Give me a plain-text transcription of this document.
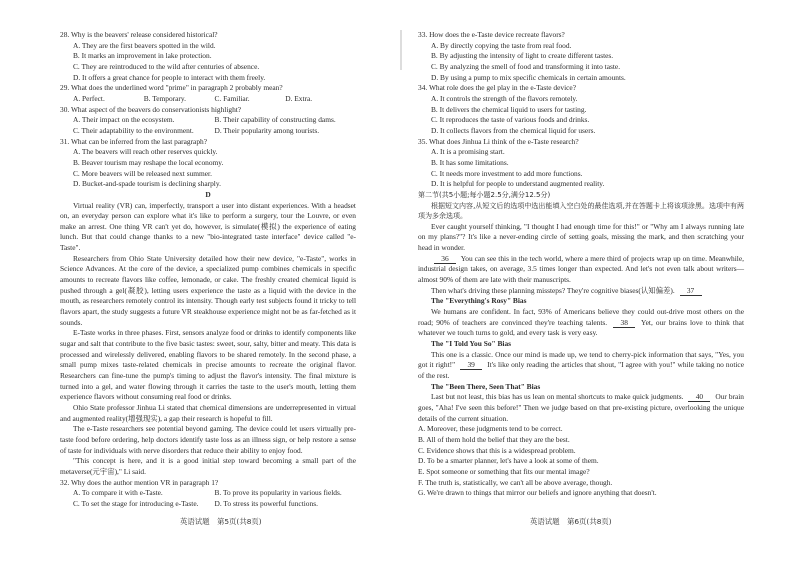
28. Why is the beavers' release considered historical?
A. They are the first beavers spotted in the wild.
B. It marks an improvement in lake protection.
C. They are reintroduced to the wild after centuries of absence.
D. It offers a great chance for people to interact with them freely.
29. What does the underlined word "prime" in paragraph 2 probably mean?
A. Perfect.	B. Temporary.	C. Familiar.	D. Extra.
30. What aspect of the beavers do conservationists highlight?
A. Their impact on the ecosystem.	B. Their capability of constructing dams.
C. Their adaptability to the environment.	D. Their popularity among tourists.
31. What can be inferred from the last paragraph?
A. The beavers will reach other reserves quickly.
B. Beaver tourism may reshape the local economy.
C. More beavers will be released next summer.
D. Bucket-and-spade tourism is declining sharply.
D
Virtual reality (VR) can, imperfectly, transport a user into distant experiences. With a headset on, an everyday person can explore what it's like to perform a surgery, tour the Louvre, or even make an arrest. One thing VR can't yet do, however, is simulate(模拟) the experience of eating lunch. But that could change thanks to a new "bio-integrated taste interface" device called "e-Taste".
Researchers from Ohio State University detailed how their new device, "e-Taste", works in Science Advances. At the core of the device, a specialized pump combines chemicals in specific amounts to recreate flavors like coffee, lemonade, or cake. The freshly created chemical liquid is pushed through a gel(凝胶), letting users experience the taste as a liquid with the device in the mouth, as researchers remotely control its intensity. Though early test subjects found it tricky to tell flavors apart, the study suggests a future VR steakhouse experience might not be as far-fetched as it sounds.
E-Taste works in three phases. First, sensors analyze food or drinks to identify components like sugar and salt that contribute to the five basic tastes: sweet, sour, salty, bitter and meaty. This data is processed and wirelessly delivered, enabling flavors to be shared remotely. In the second phase, a small pump mixes taste-related chemicals in precise amounts to recreate the original flavor. Researchers can fine-tune the pump's timing to adjust the flavor's intensity. The final mixture is turned into a gel, and water flowing through it carries the taste to the user's mouth, letting them experience flavors without consuming real food or drinks.
Ohio State professor Jinhua Li stated that chemical dimensions are underrepresented in virtual and augmented reality(增强现实), a gap their research is hopeful to fill.
The e-Taste researchers see potential beyond gaming. The device could let users virtually pre-taste food before ordering, help doctors identify taste loss as an illness sign, or help restore a sense of taste for individuals with nerve disorders that reduce their ability to enjoy food.
"This concept is here, and it is a good initial step toward becoming a small part of the metaverse(元宇宙)," Li said.
32. Why does the author mention VR in paragraph 1?
A. To compare it with e-Taste.	B. To prove its popularity in various fields.
C. To set the stage for introducing e-Taste.	D. To stress its powerful functions.
33. How does the e-Taste device recreate flavors?
A. By directly copying the taste from real food.
B. By adjusting the intensity of light to create different tastes.
C. By analyzing the smell of food and transforming it into taste.
D. By using a pump to mix specific chemicals in certain amounts.
34. What role does the gel play in the e-Taste device?
A. It controls the strength of the flavors remotely.
B. It delivers the chemical liquid to users for tasting.
C. It reproduces the taste of various foods and drinks.
D. It collects flavors from the chemical liquid for users.
35. What does Jinhua Li think of the e-Taste research?
A. It is a promising start.
B. It has some limitations.
C. It needs more investment to add more functions.
D. It is helpful for people to understand augmented reality.
第二节(共5小题;每小题2.5分,满分12.5分)
根据短文内容,从短文后的选项中选出能填入空白处的最佳选项,并在答题卡上将该项涂黑。选项中有两项为多余选项。
Ever caught yourself thinking, "I thought I had enough time for this!" or "Why am I always running late on my plans?"? It's like a never-ending circle of setting goals, missing the mark, and then scratching your head in wonder.
36 You can see this in the tech world, where a mere third of projects wrap up on time. Meanwhile, industrial design takes, on average, 3.5 times longer than expected. And let's not even talk about writers—almost 90% of them are late with their manuscripts.
Then what's driving these planning missteps? They're cognitive biases(认知偏差). 37
The "Everything's Rosy" Bias
We humans are confident. In fact, 93% of Americans believe they could out-drive most others on the road; 90% of teachers are convinced they're teaching talents. 38 Yet, our brains love to think that whatever we touch turns to gold, and every task is very easy.
The "I Told You So" Bias
This one is a classic. Once our mind is made up, we tend to cherry-pick information that says, "Yes, you got it right!" 39 It's like only reading the articles that shout, "I agree with you!" while taking no notice of the rest.
The "Been There, Seen That" Bias
Last but not least, this bias has us lean on mental shortcuts to make quick judgments. 40 Our brain goes, "Aha! I've seen this before!" Then we judge based on that pre-existing picture, overlooking the unique details of the current situation.
A. Moreover, these judgments tend to be correct.
B. All of them hold the belief that they are the best.
C. Evidence shows that this is a widespread problem.
D. To be a smarter planner, let's have a look at some of them.
E. Spot someone or something that fits our mental image?
F. The truth is, statistically, we can't all be above average, though.
G. We're drawn to things that mirror our beliefs and ignore anything that doesn't.
英语试题　第5页(共8页)	英语试题　第6页(共8页)
